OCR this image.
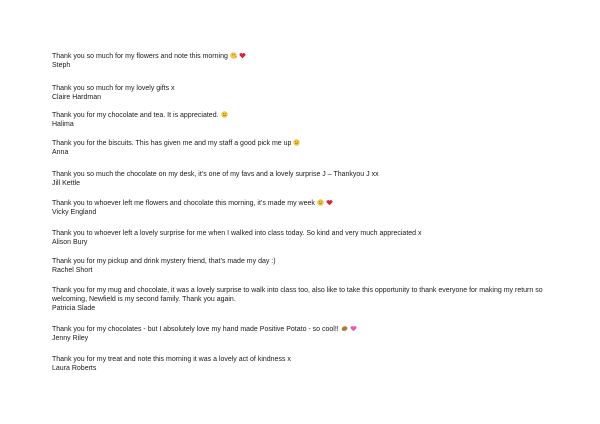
Thank you so much for my flowers and note this morning
Steph
Thank you so much for my lovely gifts x
Claire Hardman
Thank you for my chocolate and tea. It is appreciated.
Halima
Thank you for the biscuits. This has given me and my staff a good pick me up
Anna
Thank you so much the chocolate on my desk, it’s one of my favs and a lovely surprise J – Thankyou J xx
Jill Kettle
Thank you to whoever left me flowers and chocolate this morning, it’s made my week
Vicky England
Thank you to whoever left a lovely surprise for me when I walked into class today. So kind and very much appreciated x
Alison Bury
Thank you for my pickup and drink mystery friend, that’s made my day :)
Rachel Short
Thank you for my mug and chocolate, it was a lovely surprise to walk into class too, also like to take this opportunity to thank everyone for making my return so welcoming, Newfield is my second family. Thank you again.
Patricia Slade
Thank you for my chocolates - but I absolutely love my hand made Positive Potato - so cool!!
Jenny Riley
Thank you for my treat and note this morning it was a lovely act of kindness x
Laura Roberts
